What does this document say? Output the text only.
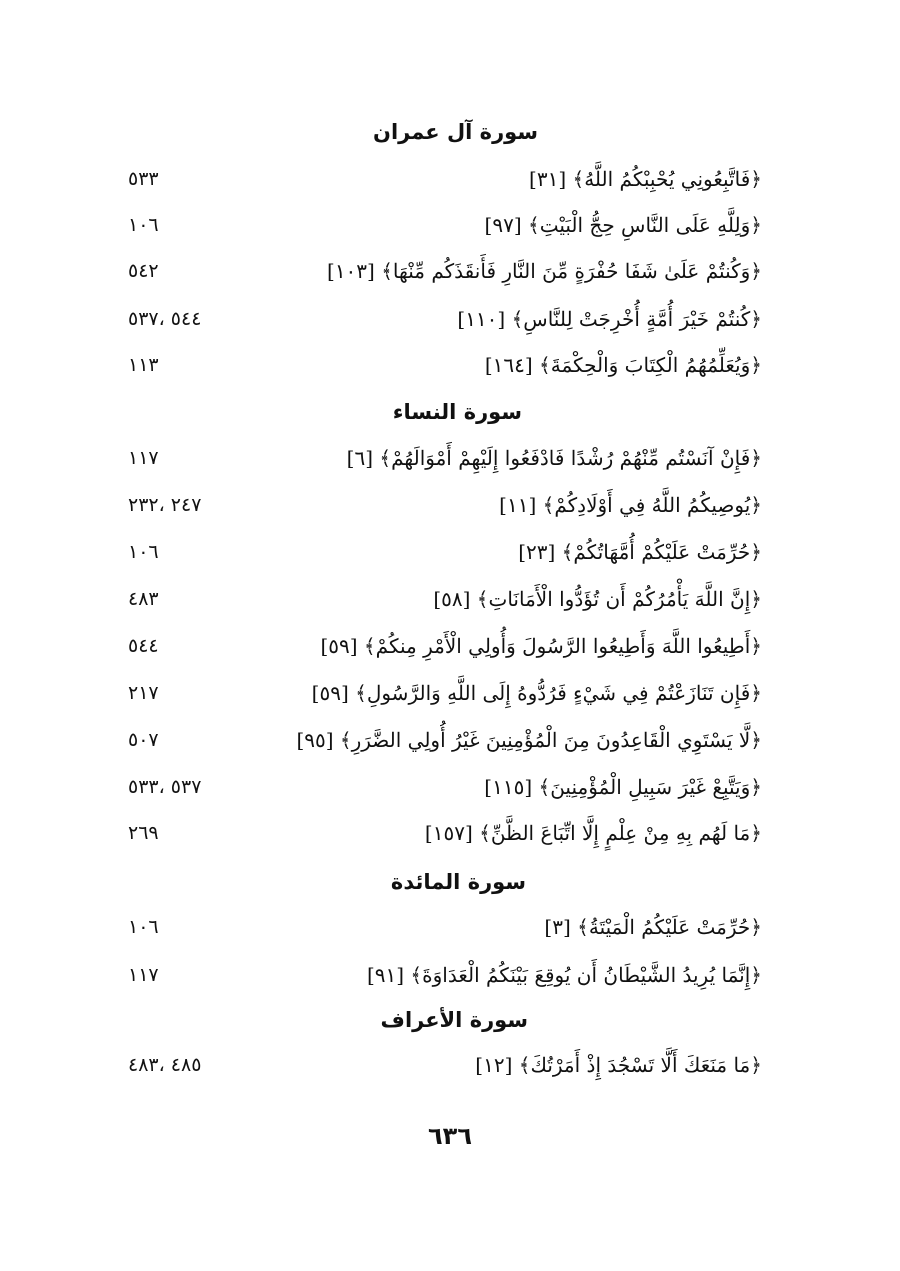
سورة آل عمران
﴿فَاتَّبِعُونِي يُحْبِبْكُمُ اللَّهُ﴾ [٣١]
٥٣٣
﴿وَلِلَّهِ عَلَى النَّاسِ حِجُّ الْبَيْتِ﴾ [٩٧]
١٠٦
﴿وَكُنتُمْ عَلَىٰ شَفَا حُفْرَةٍ مِّنَ النَّارِ فَأَنقَذَكُم مِّنْهَا﴾ [١٠٣]
٥٤٢
﴿كُنتُمْ خَيْرَ أُمَّةٍ أُخْرِجَتْ لِلنَّاسِ﴾ [١١٠]
٥٤٤ ،٥٣٧
﴿وَيُعَلِّمُهُمُ الْكِتَابَ وَالْحِكْمَةَ﴾ [١٦٤]
١١٣
سورة النساء
﴿فَإِنْ آنَسْتُم مِّنْهُمْ رُشْدًا فَادْفَعُوا إِلَيْهِمْ أَمْوَالَهُمْ﴾ [٦]
١١٧
﴿يُوصِيكُمُ اللَّهُ فِي أَوْلَادِكُمْ﴾ [١١]
٢٤٧ ،٢٣٢
﴿حُرِّمَتْ عَلَيْكُمْ أُمَّهَاتُكُمْ﴾ [٢٣]
١٠٦
﴿إِنَّ اللَّهَ يَأْمُرُكُمْ أَن تُؤَدُّوا الْأَمَانَاتِ﴾ [٥٨]
٤٨٣
﴿أَطِيعُوا اللَّهَ وَأَطِيعُوا الرَّسُولَ وَأُولِي الْأَمْرِ مِنكُمْ﴾ [٥٩]
٥٤٤
﴿فَإِن تَنَازَعْتُمْ فِي شَيْءٍ فَرُدُّوهُ إِلَى اللَّهِ وَالرَّسُولِ﴾ [٥٩]
٢١٧
﴿لَّا يَسْتَوِي الْقَاعِدُونَ مِنَ الْمُؤْمِنِينَ غَيْرُ أُولِي الضَّرَرِ﴾ [٩٥]
٥٠٧
﴿وَيَتَّبِعْ غَيْرَ سَبِيلِ الْمُؤْمِنِينَ﴾ [١١٥]
٥٣٧ ،٥٣٣
﴿مَا لَهُم بِهِ مِنْ عِلْمٍ إِلَّا اتِّبَاعَ الظَّنِّ﴾ [١٥٧]
٢٦٩
سورة المائدة
﴿حُرِّمَتْ عَلَيْكُمُ الْمَيْتَةُ﴾ [٣]
١٠٦
﴿إِنَّمَا يُرِيدُ الشَّيْطَانُ أَن يُوقِعَ بَيْنَكُمُ الْعَدَاوَةَ﴾ [٩١]
١١٧
سورة الأعراف
﴿مَا مَنَعَكَ أَلَّا تَسْجُدَ إِذْ أَمَرْتُكَ﴾ [١٢]
٤٨٥ ،٤٨٣
٦٣٦
